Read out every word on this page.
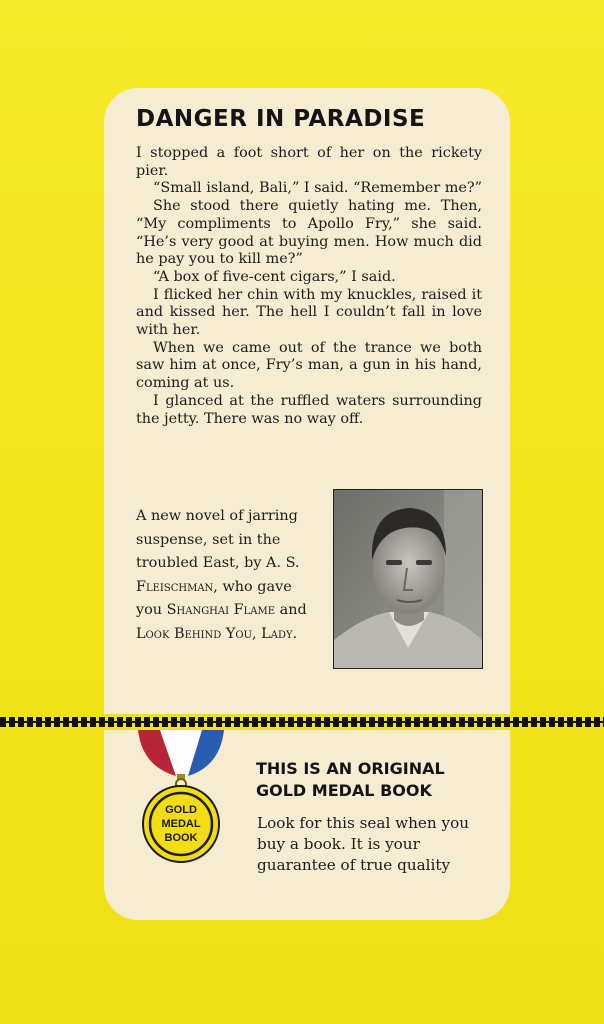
DANGER IN PARADISE

I stopped a foot short of her on the rickety pier.

“Small island, Bali,” I said. “Remember me?”

She stood there quietly hating me. Then, “My compliments to Apollo Fry,” she said. “He’s very good at buying men. How much did he pay you to kill me?”

“A box of five-cent cigars,” I said.

I flicked her chin with my knuckles, raised it and kissed her. The hell I couldn’t fall in love with her.

When we came out of the trance we both saw him at once, Fry’s man, a gun in his hand, coming at us.

I glanced at the ruffled waters surrounding the jetty. There was no way off.

A new novel of jarring suspense, set in the troubled East, by A. S. Fleischman, who gave you Shanghai Flame and Look Behind You, Lady.
GOLD
MEDAL
BOOK
THIS IS AN ORIGINAL
GOLD MEDAL BOOK
Look for this seal when you buy a book. It is your guarantee of true quality
